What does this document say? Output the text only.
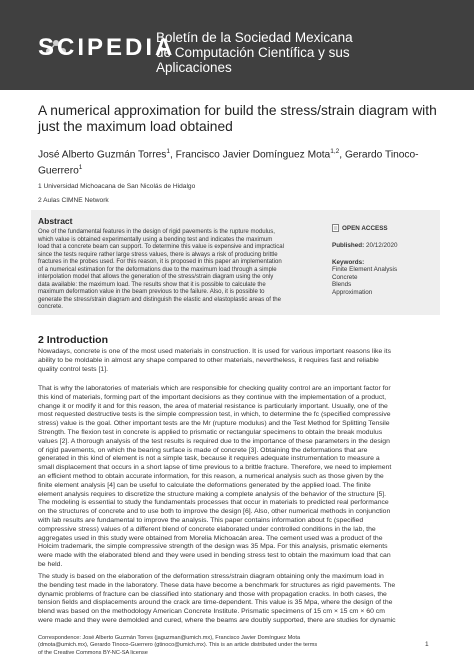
SCIPEDIA
Boletín de la Sociedad Mexicana
de Computación Científica y sus
Aplicaciones
A numerical approximation for build the stress/strain diagram with just the maximum load obtained
José Alberto Guzmán Torres$^1$, Francisco Javier Domínguez Mota$^{1,2}$, Gerardo Tinoco-Guerrero$^1$
1 Universidad Michoacana de San Nicolás de Hidalgo
2 Aulas CIMNE Network
Abstract
One of the fundamental features in the design of rigid pavements is the rupture modulus,
which value is obtained experimentally using a bending test and indicates the maximum
load that a concrete beam can support. To determine this value is expensive and impractical
since the tests require rather large stress values, there is always a risk of producing brittle
fractures in the probes used. For this reason, it is proposed in this paper an implementation
of a numerical estimation for the deformations due to the maximum load through a simple
interpolation model that allows the generation of the stress/strain diagram using the only
data available: the maximum load. The results show that it is possible to calculate the
maximum deformation value in the beam previous to the failure. Also, it is possible to
generate the stress/strain diagram and distinguish the elastic and elastoplastic areas of the
concrete.
OPEN ACCESS
Published: 20/12/2020
Keywords:
Finite Element Analysis
Concrete
Blends
Approximation
2 Introduction
Nowadays, concrete is one of the most used materials in construction. It is used for various important reasons like its
ability to be moldable in almost any shape compared to other materials, nevertheless, it requires fast and reliable
quality control tests [1].
That is why the laboratories of materials which are responsible for checking quality control are an important factor for
this kind of materials, forming part of the important decisions as they continue with the implementation of a product,
change it or modify it and for this reason, the area of material resistance is particularly important. Usually, one of the
most requested destructive tests is the simple compression test, in which, to determine the fc (specified compressive
stress) value is the goal. Other important tests are the Mr (rupture modulus) and the Test Method for Splitting Tensile
Strength. The flexion test in concrete is applied to prismatic or rectangular specimens to obtain the break modulus
values [2]. A thorough analysis of the test results is required due to the importance of these parameters in the design
of rigid pavements, on which the bearing surface is made of concrete [3]. Obtaining the deformations that are
generated in this kind of element is not a simple task, because it requires adequate instrumentation to measure a
small displacement that occurs in a short lapse of time previous to a brittle fracture. Therefore, we need to implement
an efficient method to obtain accurate information, for this reason, a numerical analysis such as those given by the
finite element analysis [4] can be useful to calculate the deformations generated by the applied load. The finite
element analysis requires to discretize the structure making a complete analysis of the behavior of the structure [5].
The modeling is essential to study the fundamentals processes that occur in materials to predicted real performance
on the structures of concrete and to use both to improve the design [6]. Also, other numerical methods in conjunction
with lab results are fundamental to improve the analysis. This paper contains information about fc (specified
compressive stress) values of a different blend of concrete elaborated under controlled conditions in the lab, the
aggregates used in this study were obtained from Morelia Michoacán area. The cement used was a product of the
Holcim trademark, the simple compressive strength of the design was 35 Mpa. For this analysis, prismatic elements
were made with the elaborated blend and they were used in bending stress test to obtain the maximum load that can
be held.
The study is based on the elaboration of the deformation stress/strain diagram obtaining only the maximum load in
the bending test made in the laboratory. These data have become a benchmark for structures as rigid pavements. The
dynamic problems of fracture can be classified into stationary and those with propagation cracks. In both cases, the
tension fields and displacements around the crack are time-dependent. This value is 35 Mpa, where the design of the
blend was based on the methodology American Concrete Institute. Prismatic specimens of 15 cm × 15 cm × 60 cm
were made and they were demolded and cured, where the beams are doubly supported, there are studies for dynamic
Correspondence: José Alberto Guzmán Torres (jaguzman@umich.mx), Francisco Javier Domínguez Mota
(dmota@umich.mx), Gerardo Tinoco-Guerrero (gtinoco@umich.mx). This is an article distributed under the terms
of the Creative Commons BY-NC-SA license
1
